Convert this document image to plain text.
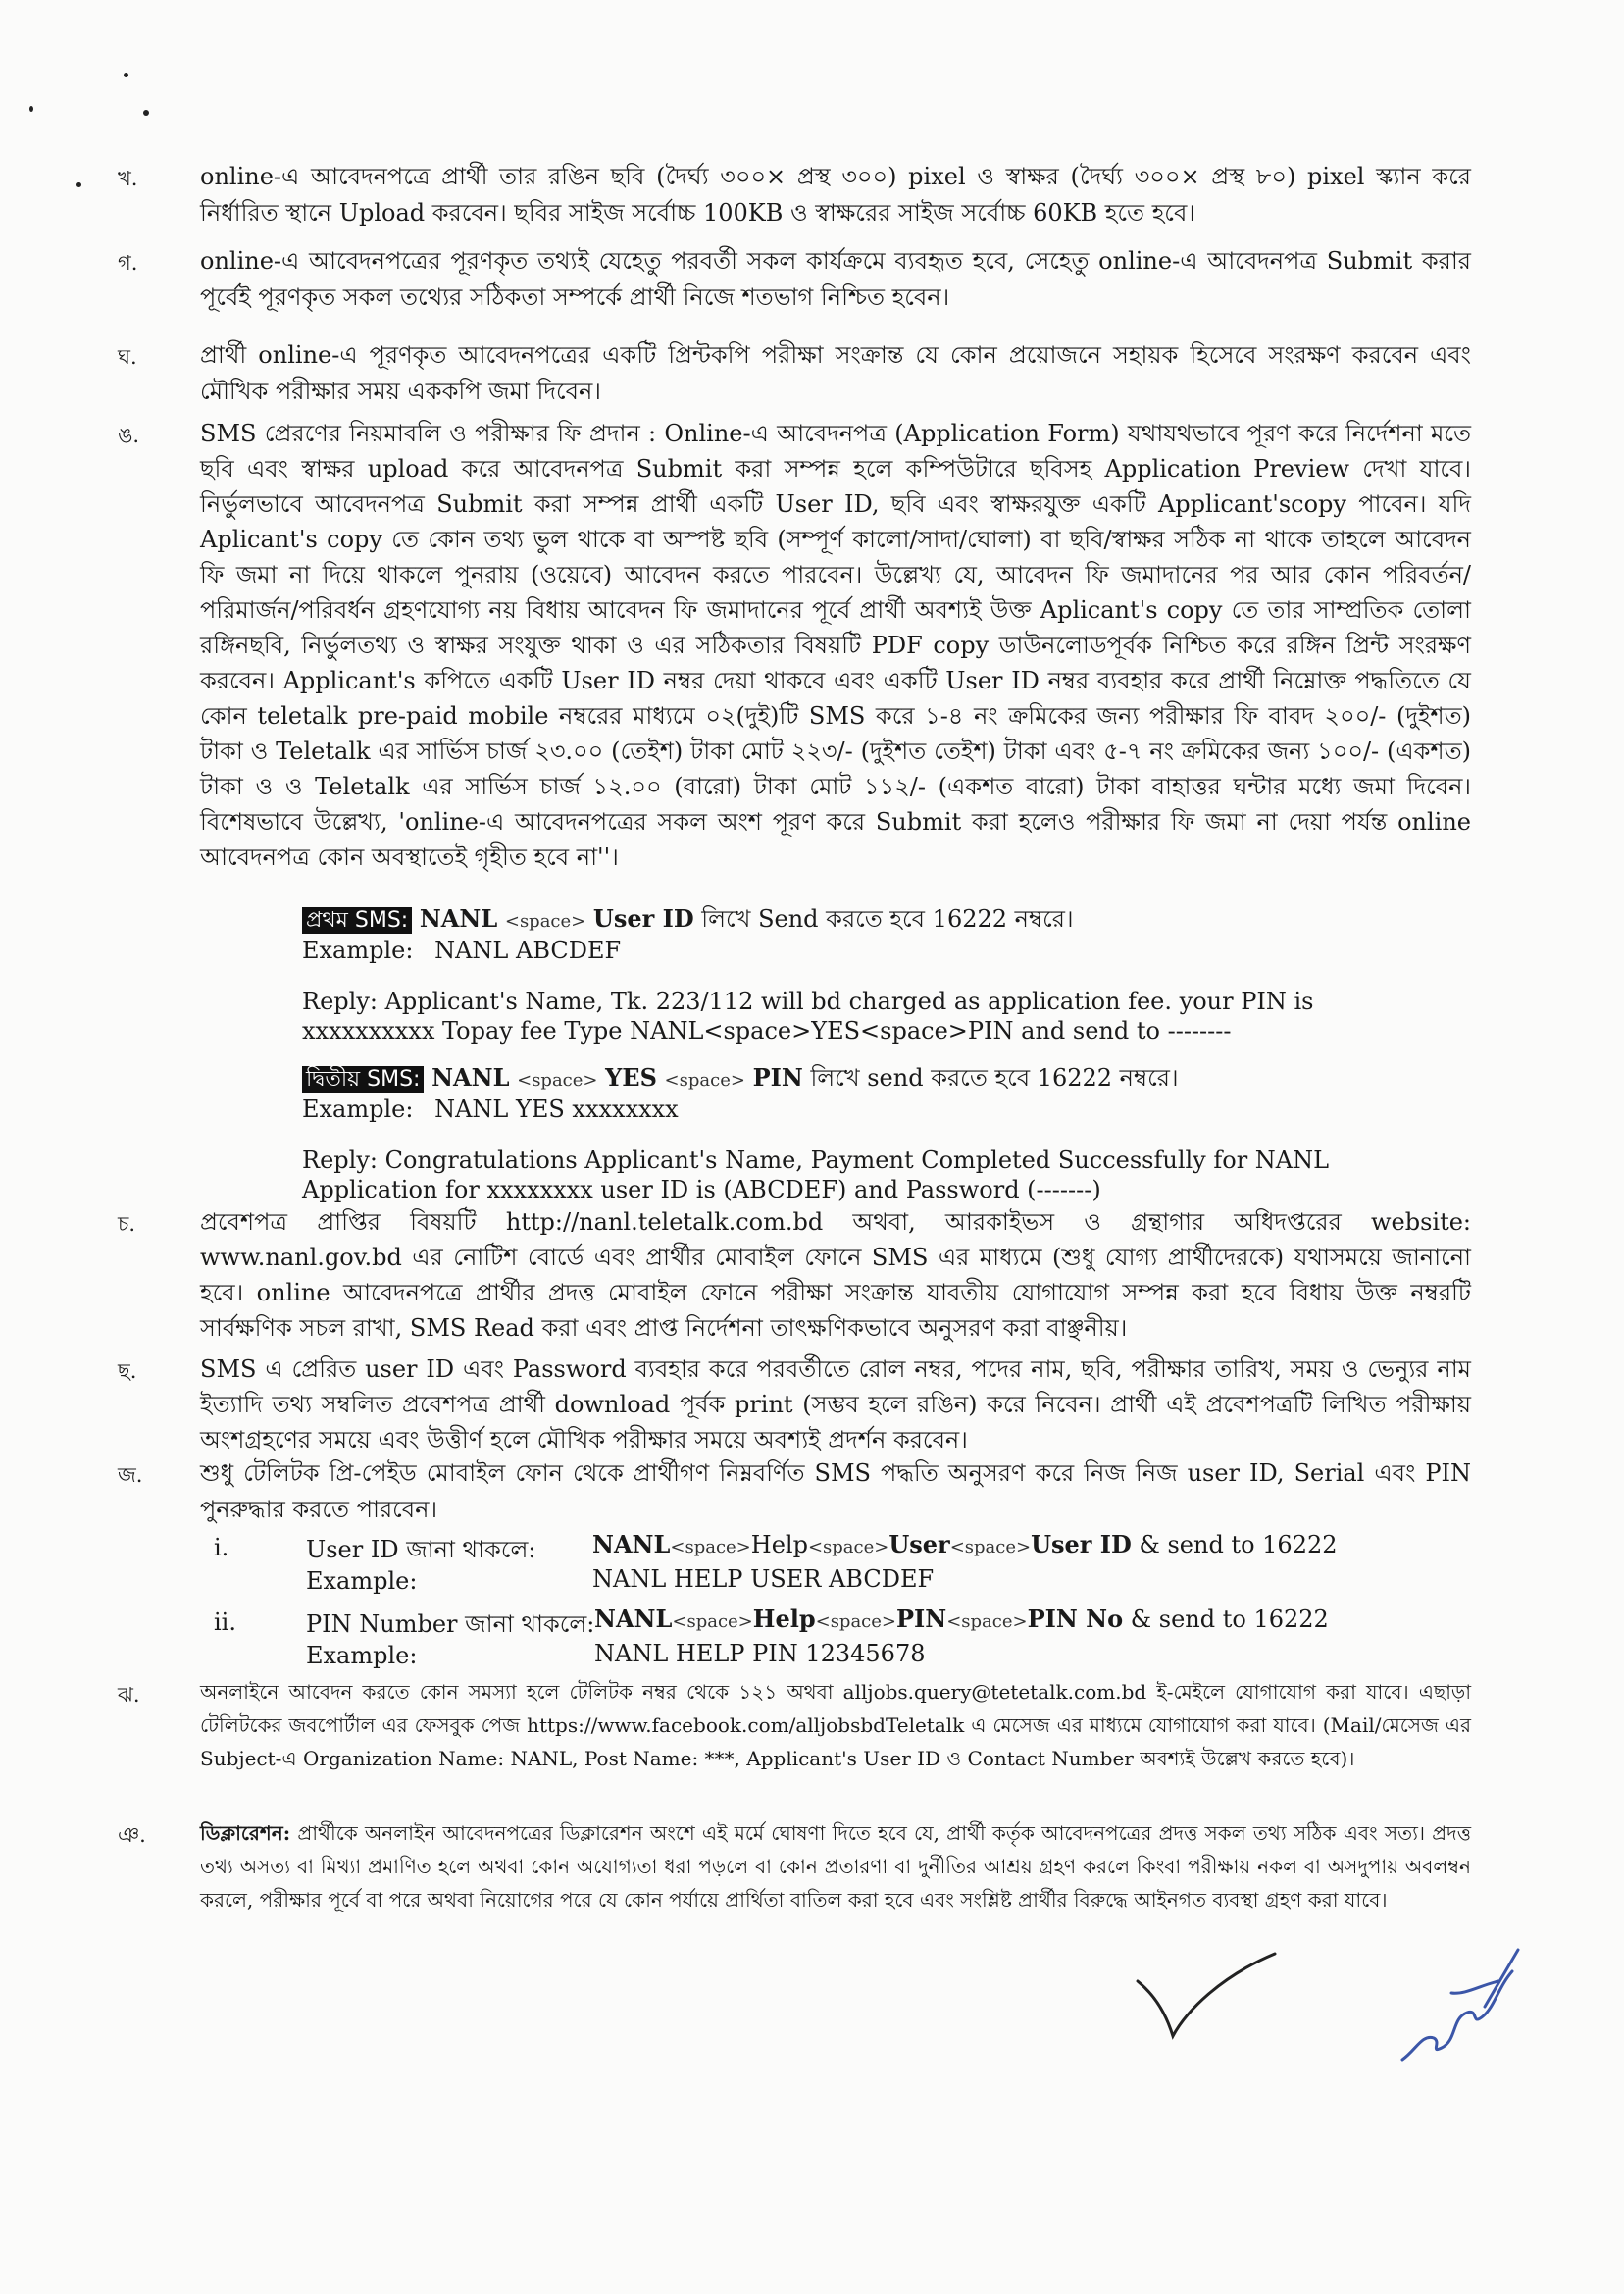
খ.	online-এ আবেদনপত্রে প্রার্থী তার রঙিন ছবি (দৈর্ঘ্য ৩০০× প্রস্থ ৩০০) pixel ও স্বাক্ষর (দৈর্ঘ্য ৩০০× প্রস্থ ৮০) pixel স্ক্যান করে নির্ধারিত স্থানে Upload করবেন। ছবির সাইজ সর্বোচ্চ 100KB ও স্বাক্ষরের সাইজ সর্বোচ্চ 60KB হতে হবে।
গ.	online-এ আবেদনপত্রের পূরণকৃত তথ্যই যেহেতু পরবর্তী সকল কার্যক্রমে ব্যবহৃত হবে, সেহেতু online-এ আবেদনপত্র Submit করার পূর্বেই পূরণকৃত সকল তথ্যের সঠিকতা সম্পর্কে প্রার্থী নিজে শতভাগ নিশ্চিত হবেন।
ঘ.	প্রার্থী online-এ পূরণকৃত আবেদনপত্রের একটি প্রিন্টকপি পরীক্ষা সংক্রান্ত যে কোন প্রয়োজনে সহায়ক হিসেবে সংরক্ষণ করবেন এবং মৌখিক পরীক্ষার সময় এককপি জমা দিবেন।
ঙ.	SMS প্রেরণের নিয়মাবলি ও পরীক্ষার ফি প্রদান : Online-এ আবেদনপত্র (Application Form) যথাযথভাবে পূরণ করে নির্দেশনা মতে ছবি এবং স্বাক্ষর upload করে আবেদনপত্র Submit করা সম্পন্ন হলে কম্পিউটারে ছবিসহ Application Preview দেখা যাবে। নির্ভুলভাবে আবেদনপত্র Submit করা সম্পন্ন প্রার্থী একটি User ID, ছবি এবং স্বাক্ষরযুক্ত একটি Applicant'scopy পাবেন। যদি Aplicant's copy তে কোন তথ্য ভুল থাকে বা অস্পষ্ট ছবি (সম্পূর্ণ কালো/সাদা/ঘোলা) বা ছবি/স্বাক্ষর সঠিক না থাকে তাহলে আবেদন ফি জমা না দিয়ে থাকলে পুনরায় (ওয়েবে) আবেদন করতে পারবেন। উল্লেখ্য যে, আবেদন ফি জমাদানের পর আর কোন পরিবর্তন/পরিমার্জন/পরিবর্ধন গ্রহণযোগ্য নয় বিধায় আবেদন ফি জমাদানের পূর্বে প্রার্থী অবশ্যই উক্ত Aplicant's copy তে তার সাম্প্রতিক তোলা রঙ্গিনছবি, নির্ভুলতথ্য ও স্বাক্ষর সংযুক্ত থাকা ও এর সঠিকতার বিষয়টি PDF copy ডাউনলোডপূর্বক নিশ্চিত করে রঙ্গিন প্রিন্ট সংরক্ষণ করবেন। Applicant's কপিতে একটি User ID নম্বর দেয়া থাকবে এবং একটি User ID নম্বর ব্যবহার করে প্রার্থী নিম্নোক্ত পদ্ধতিতে যে কোন teletalk pre-paid mobile নম্বরের মাধ্যমে ০২(দুই)টি SMS করে ১-৪ নং ক্রমিকের জন্য পরীক্ষার ফি বাবদ ২০০/- (দুইশত) টাকা ও Teletalk এর সার্ভিস চার্জ ২৩.০০ (তেইশ) টাকা মোট ২২৩/- (দুইশত তেইশ) টাকা এবং ৫-৭ নং ক্রমিকের জন্য ১০০/- (একশত) টাকা ও ও Teletalk এর সার্ভিস চার্জ ১২.০০ (বারো) টাকা মোট ১১২/- (একশত বারো) টাকা বাহাত্তর ঘন্টার মধ্যে জমা দিবেন। বিশেষভাবে উল্লেখ্য, 'online-এ আবেদনপত্রের সকল অংশ পূরণ করে Submit করা হলেও পরীক্ষার ফি জমা না দেয়া পর্যন্ত online আবেদনপত্র কোন অবস্থাতেই গৃহীত হবে না''।
প্রথম SMS: NANL <space> User ID লিখে Send করতে হবে 16222 নম্বরে।
Example: NANL ABCDEF
Reply: Applicant's Name, Tk. 223/112 will bd charged as application fee. your PIN is
xxxxxxxxxx Topay fee Type NANL<space>YES<space>PIN and send to --------
দ্বিতীয় SMS: NANL <space> YES <space> PIN লিখে send করতে হবে 16222 নম্বরে।
Example: NANL YES xxxxxxxx
Reply: Congratulations Applicant's Name, Payment Completed Successfully for NANL
Application for xxxxxxxx user ID is (ABCDEF) and Password (-------)
চ.	প্রবেশপত্র প্রাপ্তির বিষয়টি http://nanl.teletalk.com.bd অথবা, আরকাইভস ও গ্রন্থাগার অধিদপ্তরের website: www.nanl.gov.bd এর নোটিশ বোর্ডে এবং প্রার্থীর মোবাইল ফোনে SMS এর মাধ্যমে (শুধু যোগ্য প্রার্থীদেরকে) যথাসময়ে জানানো হবে। online আবেদনপত্রে প্রার্থীর প্রদত্ত মোবাইল ফোনে পরীক্ষা সংক্রান্ত যাবতীয় যোগাযোগ সম্পন্ন করা হবে বিধায় উক্ত নম্বরটি সার্বক্ষণিক সচল রাখা, SMS Read করা এবং প্রাপ্ত নির্দেশনা তাৎক্ষণিকভাবে অনুসরণ করা বাঞ্ছনীয়।
ছ.	SMS এ প্রেরিত user ID এবং Password ব্যবহার করে পরবর্তীতে রোল নম্বর, পদের নাম, ছবি, পরীক্ষার তারিখ, সময় ও ভেন্যুর নাম ইত্যাদি তথ্য সম্বলিত প্রবেশপত্র প্রার্থী download পূর্বক print (সম্ভব হলে রঙিন) করে নিবেন। প্রার্থী এই প্রবেশপত্রটি লিখিত পরীক্ষায় অংশগ্রহণের সময়ে এবং উত্তীর্ণ হলে মৌখিক পরীক্ষার সময়ে অবশ্যই প্রদর্শন করবেন।
জ.	শুধু টেলিটক প্রি-পেইড মোবাইল ফোন থেকে প্রার্থীগণ নিম্নবর্ণিত SMS পদ্ধতি অনুসরণ করে নিজ নিজ user ID, Serial এবং PIN পুনরুদ্ধার করতে পারবেন।
i.	User ID জানা থাকলে: NANL<space>Help<space>User<space>User ID & send to 16222
Example:	NANL HELP USER ABCDEF
ii.	PIN Number জানা থাকলে: NANL<space>Help<space>PIN<space>PIN No & send to 16222
Example:	NANL HELP PIN 12345678
ঝ.	অনলাইনে আবেদন করতে কোন সমস্যা হলে টেলিটক নম্বর থেকে ১২১ অথবা alljobs.query@tetetalk.com.bd ই-মেইলে যোগাযোগ করা যাবে। এছাড়া টেলিটকের জবপোর্টাল এর ফেসবুক পেজ https://www.facebook.com/alljobsbdTeletalk এ মেসেজ এর মাধ্যমে যোগাযোগ করা যাবে। (Mail/মেসেজ এর Subject-এ Organization Name: NANL, Post Name: ***, Applicant's User ID ও Contact Number অবশ্যই উল্লেখ করতে হবে)।
ঞ.	ডিক্লারেশন: প্রার্থীকে অনলাইন আবেদনপত্রের ডিক্লারেশন অংশে এই মর্মে ঘোষণা দিতে হবে যে, প্রার্থী কর্তৃক আবেদনপত্রের প্রদত্ত সকল তথ্য সঠিক এবং সত্য। প্রদত্ত তথ্য অসত্য বা মিথ্যা প্রমাণিত হলে অথবা কোন অযোগ্যতা ধরা পড়লে বা কোন প্রতারণা বা দুর্নীতির আশ্রয় গ্রহণ করলে কিংবা পরীক্ষায় নকল বা অসদুপায় অবলম্বন করলে, পরীক্ষার পূর্বে বা পরে অথবা নিয়োগের পরে যে কোন পর্যায়ে প্রার্থিতা বাতিল করা হবে এবং সংশ্লিষ্ট প্রার্থীর বিরুদ্ধে আইনগত ব্যবস্থা গ্রহণ করা যাবে।
